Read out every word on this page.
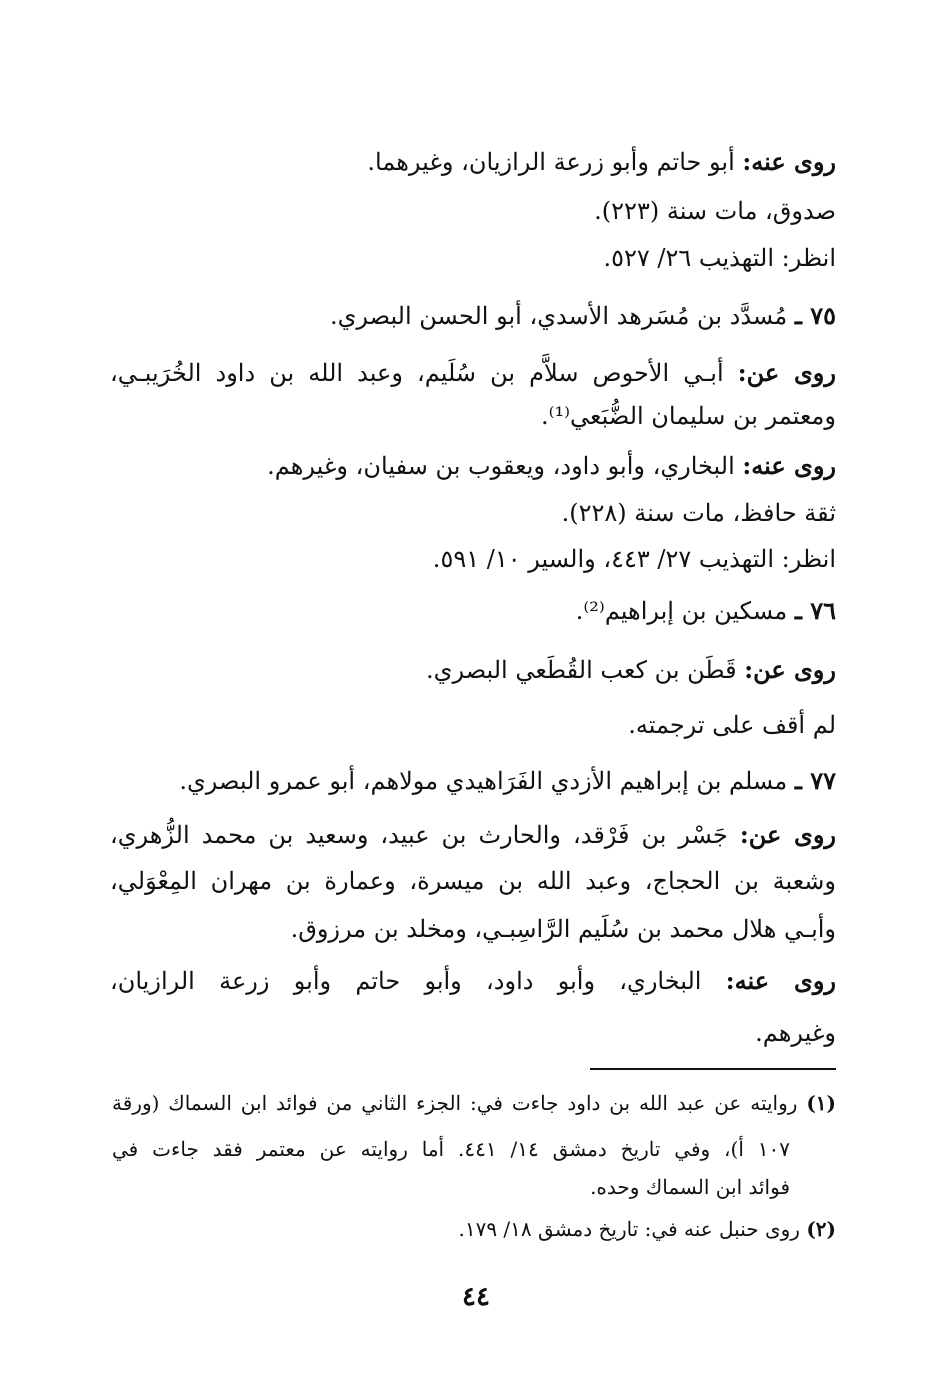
روى عنه: أبو حاتم وأبو زرعة الرازيان، وغيرهما.
صدوق، مات سنة (٢٢٣).
انظر: التهذيب ٢٦/ ٥٢٧.
٧٥ ـ مُسدَّد بن مُسَرهد الأسدي، أبو الحسن البصري.
روى عن: أبـي الأحوص سلاَّم بن سُلَيم، وعبد الله بن داود الخُرَيبـي،
ومعتمر بن سليمان الضُّبَعي⁽¹⁾.
روى عنه: البخاري، وأبو داود، ويعقوب بن سفيان، وغيرهم.
ثقة حافظ، مات سنة (٢٢٨).
انظر: التهذيب ٢٧/ ٤٤٣، والسير ١٠/ ٥٩١.
٧٦ ـ مسكين بن إبراهيم⁽²⁾.
روى عن: قَطَن بن كعب القُطَعي البصري.
لم أقف على ترجمته.
٧٧ ـ مسلم بن إبراهيم الأزدي الفَرَاهيدي مولاهم، أبو عمرو البصري.
روى عن: جَسْر بن فَرْقد، والحارث بن عبيد، وسعيد بن محمد الزُّهري،
وشعبة بن الحجاج، وعبد الله بن ميسرة، وعمارة بن مهران المِعْوَلي،
وأبـي هلال محمد بن سُلَيم الرَّاسِبـي، ومخلد بن مرزوق.
روى عنه: البخاري، وأبو داود، وأبو حاتم وأبو زرعة الرازيان،
وغيرهم.
(١) روايته عن عبد الله بن داود جاءت في: الجزء الثاني من فوائد ابن السماك (ورقة
١٠٧ أ)، وفي تاريخ دمشق ١٤/ ٤٤١. أما روايته عن معتمر فقد جاءت في
فوائد ابن السماك وحده.
(٢) روى حنبل عنه في: تاريخ دمشق ١٨/ ١٧٩.
٤٤
